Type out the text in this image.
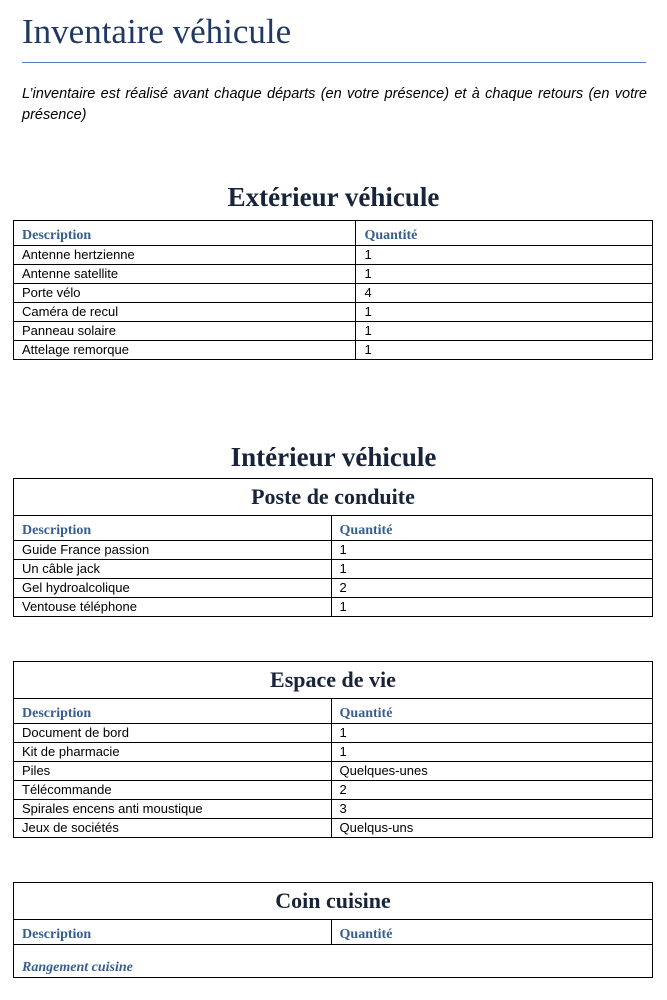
Inventaire véhicule
L’inventaire est réalisé avant chaque départs (en votre présence) et à chaque retours (en votre présence)
Extérieur véhicule
Description	Quantité
Antenne hertzienne	1
Antenne satellite	1
Porte vélo	4
Caméra de recul	1
Panneau solaire	1
Attelage remorque	1
Intérieur véhicule
Poste de conduite	
Description	Quantité
Guide France passion	1
Un câble jack	1
Gel hydroalcolique	2
Ventouse téléphone	1
Espace de vie	
Description	Quantité
Document de bord	1
Kit de pharmacie	1
Piles	Quelques-unes
Télécommande	2
Spirales encens anti moustique	3
Jeux de sociétés	Quelqus-uns
Coin cuisine
Description	Quantité
Rangement cuisine
